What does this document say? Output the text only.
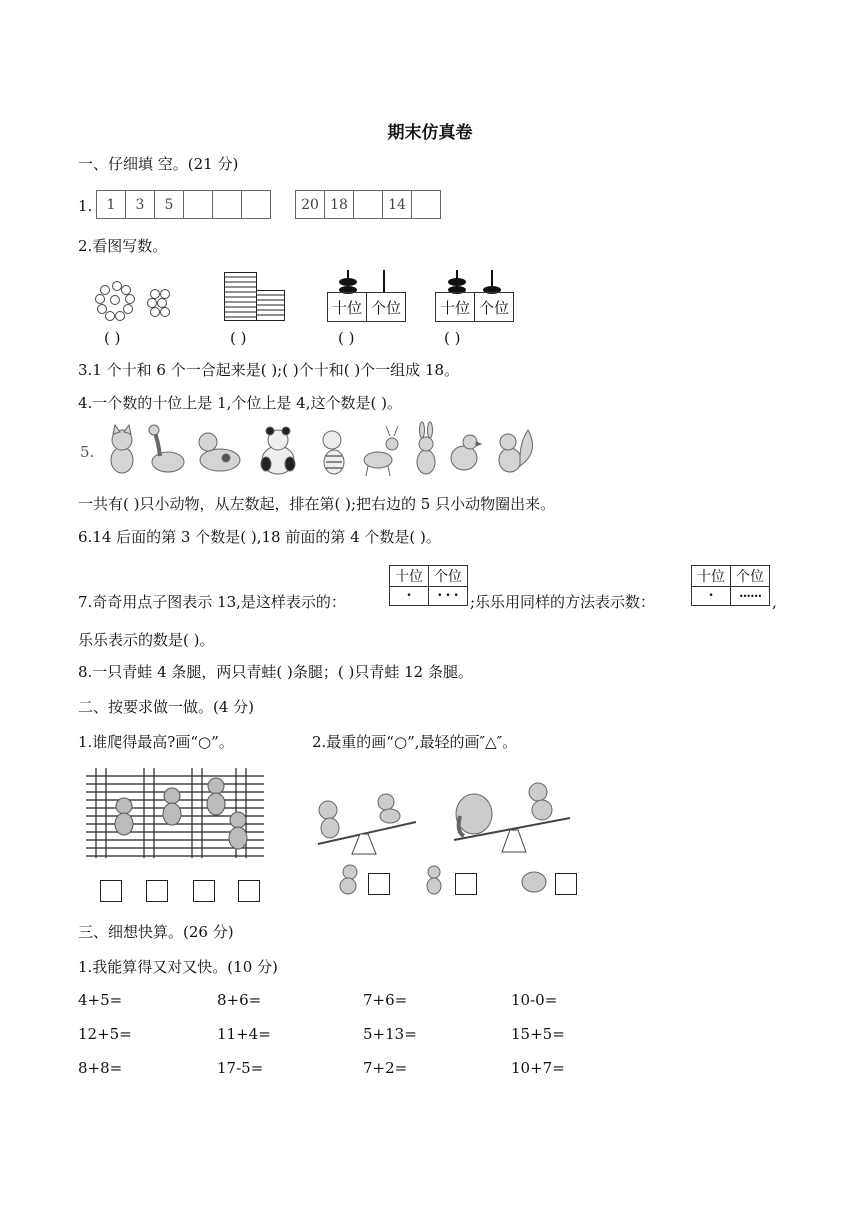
期末仿真卷
一、仔细填 空。(21 分)
1. 1	3	5				20	18		14	
2.看图写数。
( )	( )
十位	个位
( )
十位	个位
( )
3.1 个十和 6 个一合起来是( );( )个十和( )个一组成 18。
4.一个数的十位上是 1,个位上是 4,这个数是( )。
5.
一共有( )只小动物，从左数起，排在第( );把右边的 5 只小动物圈出来。
6.14 后面的第 3 个数是( ),18 前面的第 4 个数是( )。
7.奇奇用点子图表示 13,是这样表示的：
十位	个位
•	• • • ;乐乐用同样的方法表示数：
十位	个位
•	•••••• ,
乐乐表示的数是( )。
8.一只青蛙 4 条腿，两只青蛙( )条腿；( )只青蛙 12 条腿。
二、按要求做一做。(4 分)
1.谁爬得最高?画“○”。	2.最重的画“○”,最轻的画″△″。
三、细想快算。(26 分)
1.我能算得又对又快。(10 分)
4+5=	8+6=	7+6=	10-0=
12+5=	11+4=	5+13=	15+5=
8+8=	17-5=	7+2=	10+7=
